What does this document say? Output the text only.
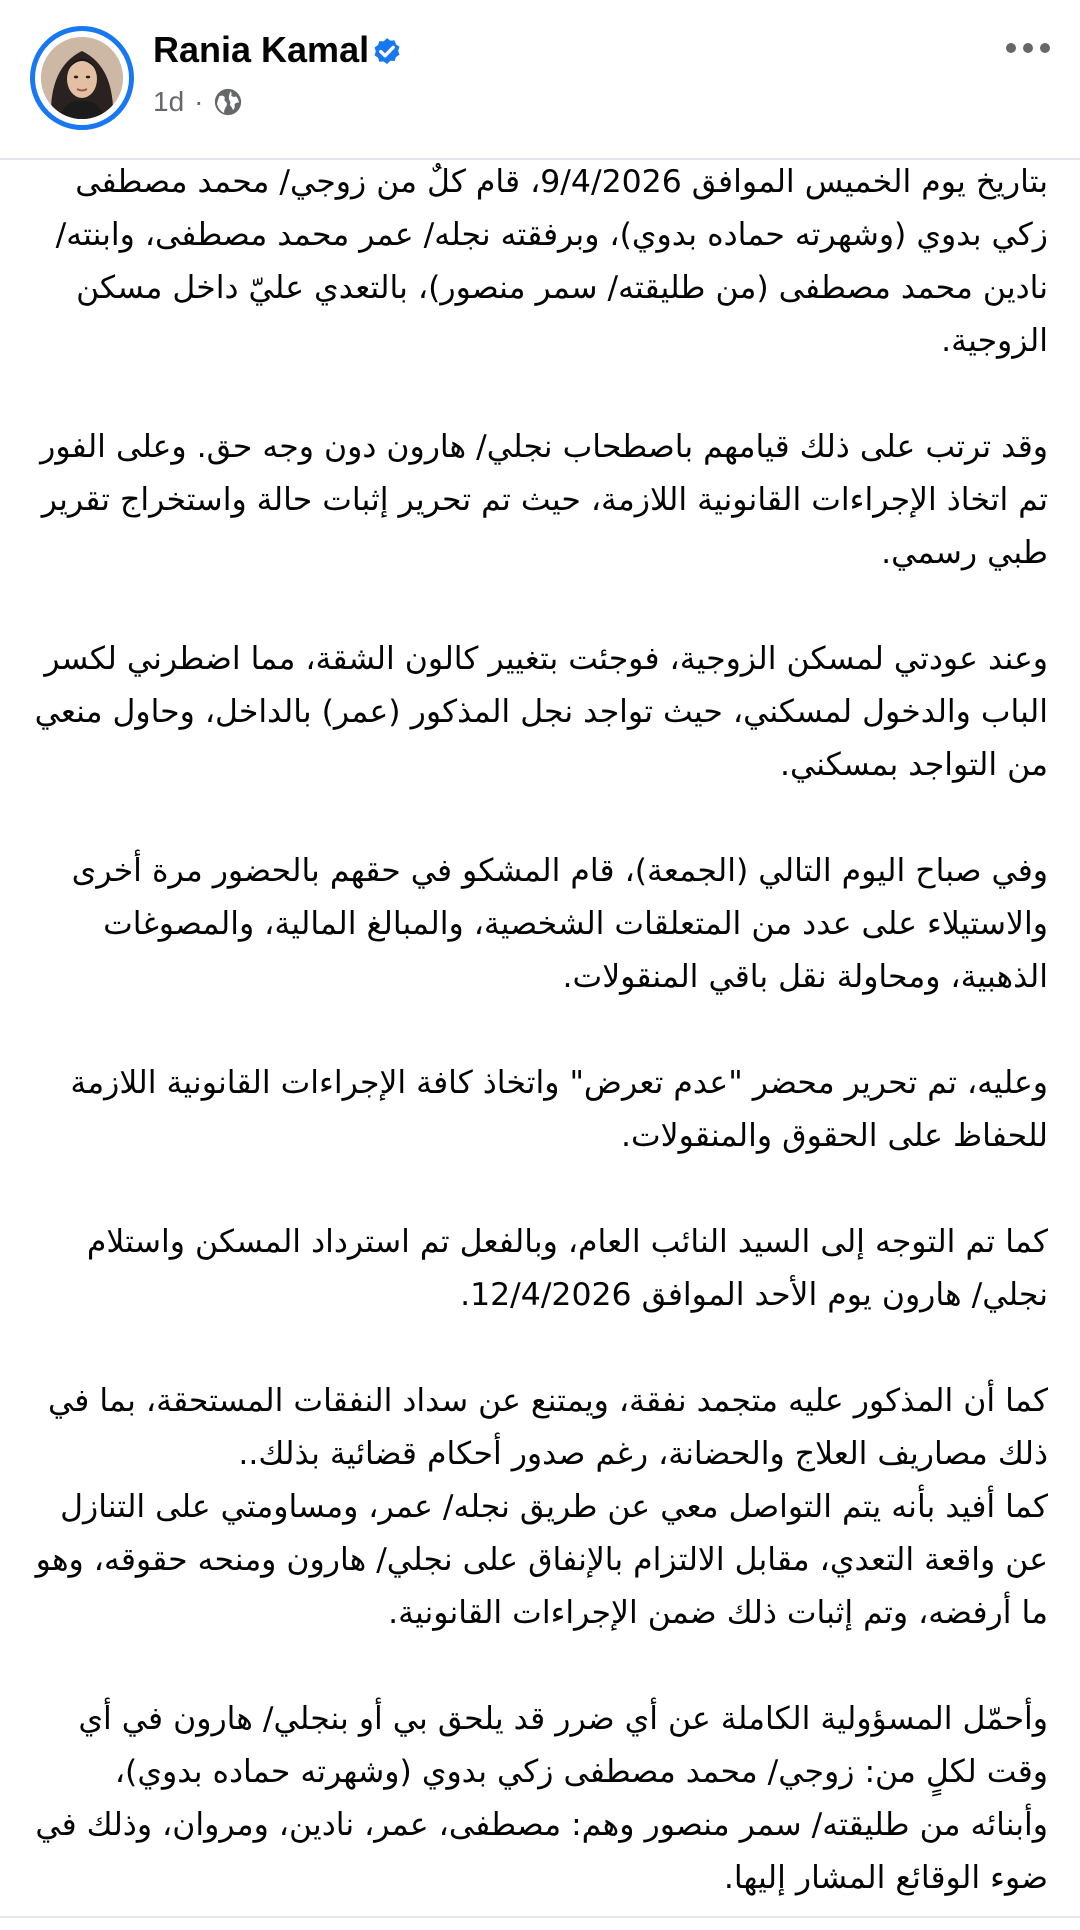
Rania Kamal
1d ·

بتاريخ يوم الخميس الموافق 9/4/2026، قام كلٌ من زوجي/ محمد مصطفى زكي بدوي (وشهرته حماده بدوي)، وبرفقته نجله/ عمر محمد مصطفى، وابنته/ نادين محمد مصطفى (من طليقته/ سمر منصور)، بالتعدي عليّ داخل مسكن الزوجية.

وقد ترتب على ذلك قيامهم باصطحاب نجلي/ هارون دون وجه حق. وعلى الفور تم اتخاذ الإجراءات القانونية اللازمة، حيث تم تحرير إثبات حالة واستخراج تقرير طبي رسمي.

وعند عودتي لمسكن الزوجية، فوجئت بتغيير كالون الشقة، مما اضطرني لكسر الباب والدخول لمسكني، حيث تواجد نجل المذكور (عمر) بالداخل، وحاول منعي من التواجد بمسكني.

وفي صباح اليوم التالي (الجمعة)، قام المشكو في حقهم بالحضور مرة أخرى والاستيلاء على عدد من المتعلقات الشخصية، والمبالغ المالية، والمصوغات الذهبية، ومحاولة نقل باقي المنقولات.

وعليه، تم تحرير محضر "عدم تعرض" واتخاذ كافة الإجراءات القانونية اللازمة للحفاظ على الحقوق والمنقولات.

كما تم التوجه إلى السيد النائب العام، وبالفعل تم استرداد المسكن واستلام نجلي/ هارون يوم الأحد الموافق 12/4/2026.

كما أن المذكور عليه متجمد نفقة، ويمتنع عن سداد النفقات المستحقة، بما في ذلك مصاريف العلاج والحضانة، رغم صدور أحكام قضائية بذلك..

كما أفيد بأنه يتم التواصل معي عن طريق نجله/ عمر، ومساومتي على التنازل عن واقعة التعدي، مقابل الالتزام بالإنفاق على نجلي/ هارون ومنحه حقوقه، وهو ما أرفضه، وتم إثبات ذلك ضمن الإجراءات القانونية.

وأحمّل المسؤولية الكاملة عن أي ضرر قد يلحق بي أو بنجلي/ هارون في أي وقت لكلٍ من: زوجي/ محمد مصطفى زكي بدوي (وشهرته حماده بدوي)، وأبنائه من طليقته/ سمر منصور وهم: مصطفى، عمر، نادين، ومروان، وذلك في ضوء الوقائع المشار إليها.
